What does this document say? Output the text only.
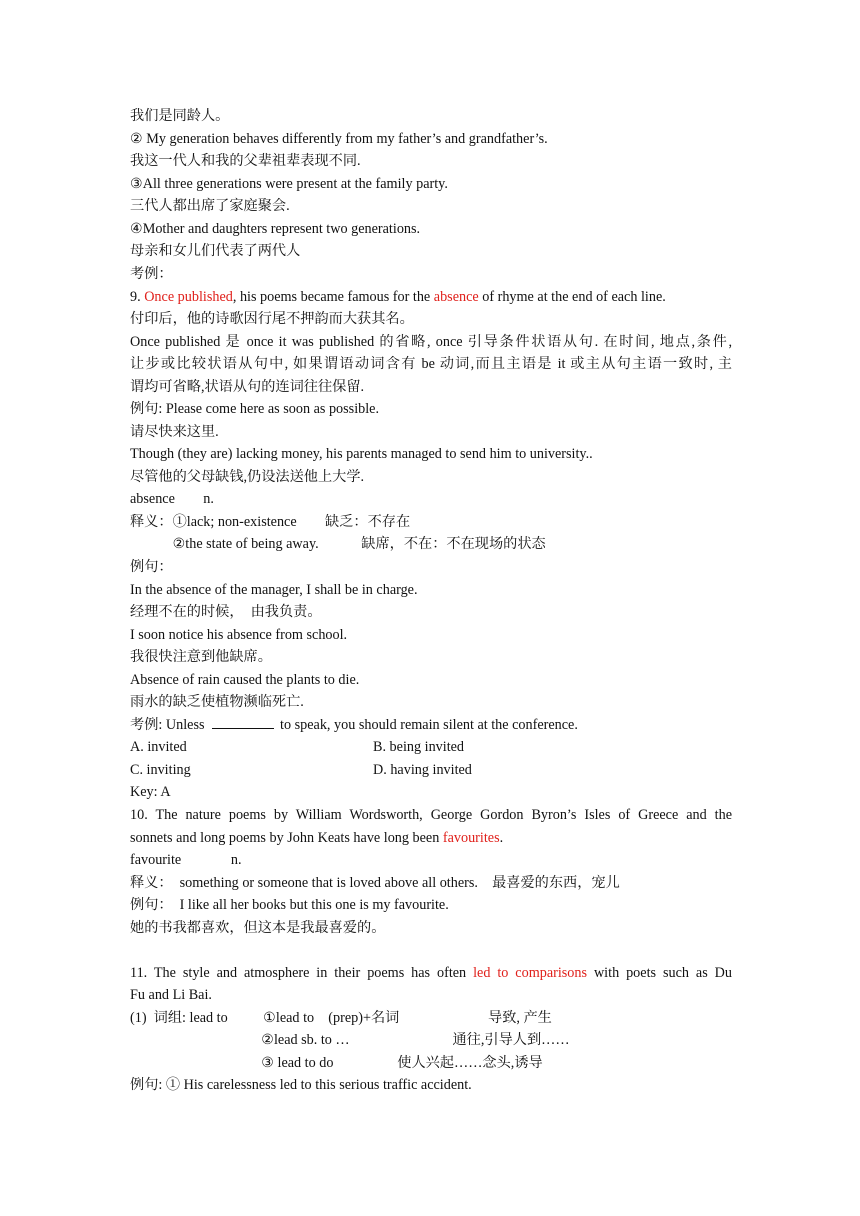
我们是同龄人。
② My generation behaves differently from my father’s and grandfather’s.
我这一代人和我的父辈祖辈表现不同.
③All three generations were present at the family party.
三代人都出席了家庭聚会.
④Mother and daughters represent two generations.
母亲和女儿们代表了两代人
考例：
9. Once published, his poems became famous for the absence of rhyme at the end of each line.
付印后，他的诗歌因行尾不押韵而大获其名。
Once published 是 once it was published 的省略, once 引导条件状语从句. 在时间, 地点,条件,
让步或比较状语从句中, 如果谓语动词含有 be 动词,而且主语是 it 或主从句主语一致时, 主
谓均可省略,状语从句的连词往往保留.
例句: Please come here as soon as possible.
请尽快来这里.
Though (they are) lacking money, his parents managed to send him to university..
尽管他的父母缺钱,仍设法送他上大学.
absence        n.
释义：①lack; non-existence        缺乏：不存在
②the state of being away.            缺席，不在：不在现场的状态
例句：
In the absence of the manager, I shall be in charge.
经理不在的时候，  由我负责。
I soon notice his absence from school.
我很快注意到他缺席。
Absence of rain caused the plants to die.
雨水的缺乏使植物濒临死亡.
考例: Unless	to speak, you should remain silent at the conference.
A. invited	B. being invited
C. inviting	D. having invited
Key: A
10. The nature poems by William Wordsworth, George Gordon Byron’s Isles of Greece and the
sonnets and long poems by John Keats have long been favourites.
favourite              n.
释义：  something or someone that is loved above all others.    最喜爱的东西，宠儿
例句：  I like all her books but this one is my favourite.
她的书我都喜欢，但这本是我最喜爱的。
11. The style and atmosphere in their poems has often led to comparisons with poets such as Du
Fu and Li Bai.
(1)  词组: lead to          ①lead to    (prep)+名词                         导致, 产生
②lead sb. to …                             通往,引导人到……
③ lead to do                  使人兴起……念头,诱导
例句: ① His carelessness led to this serious traffic accident.
